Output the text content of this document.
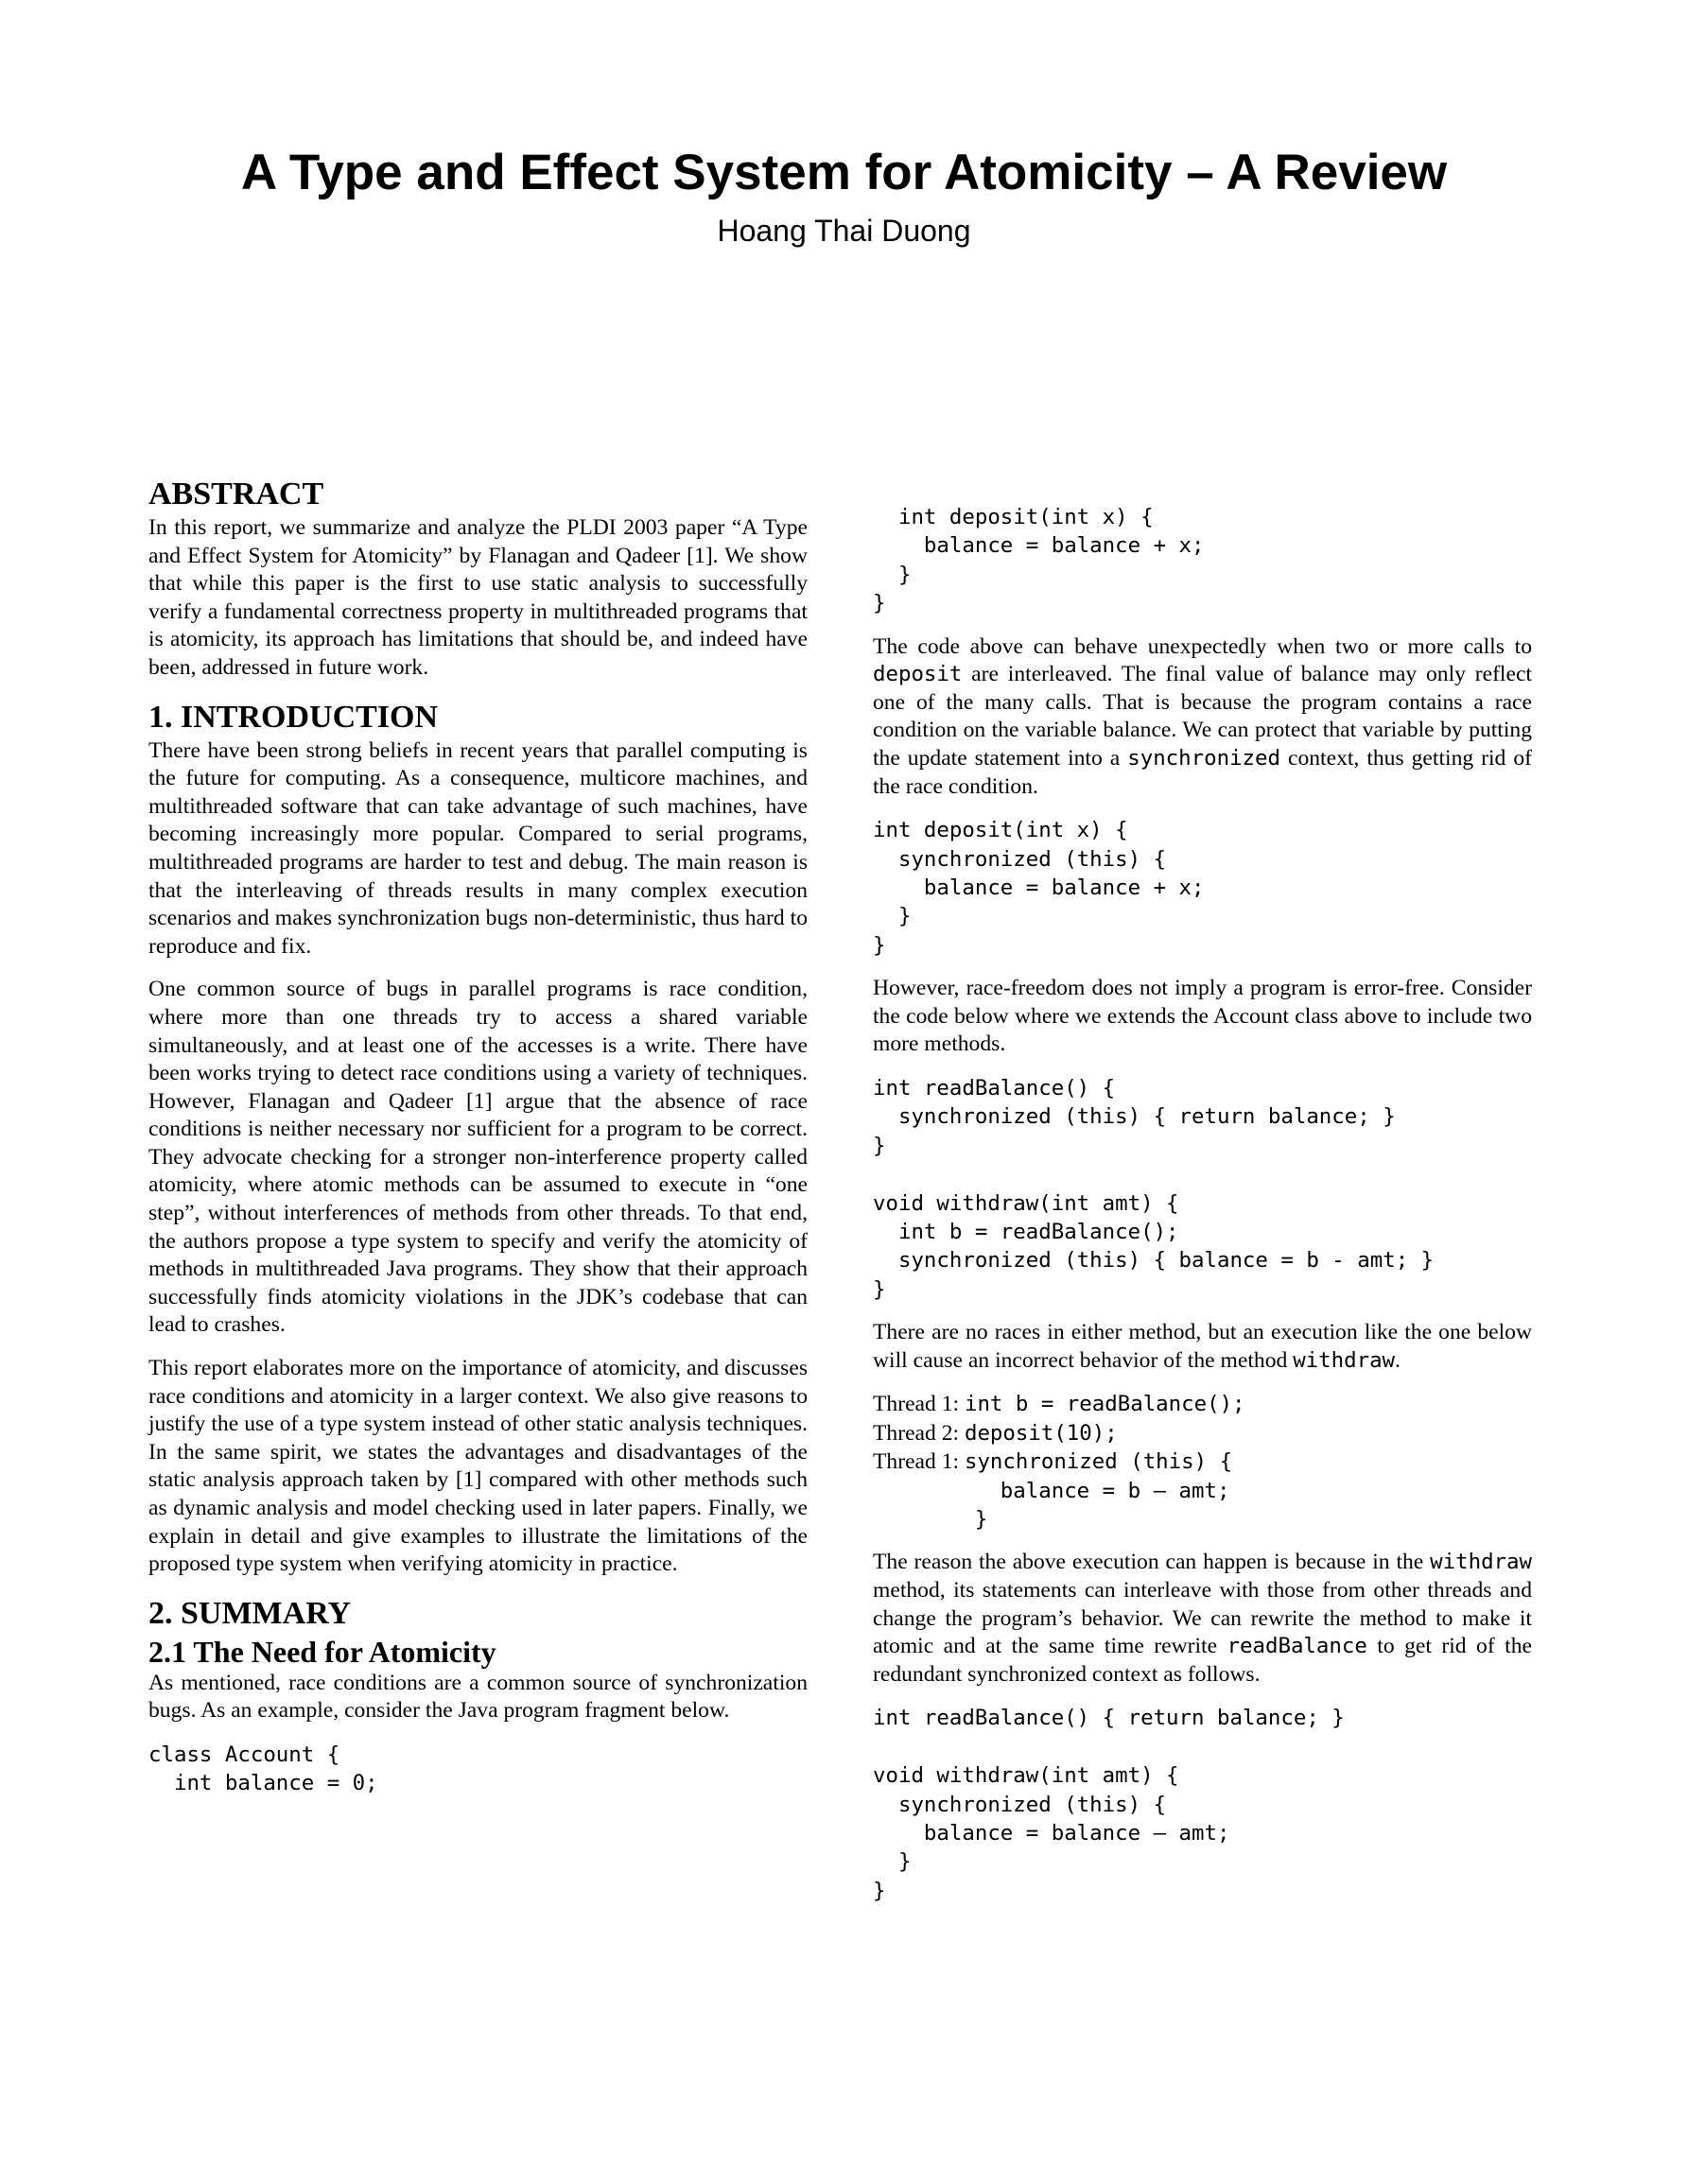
A Type and Effect System for Atomicity – A Review
Hoang Thai Duong
ABSTRACT

In this report, we summarize and analyze the PLDI 2003 paper “A Type and Effect System for Atomicity” by Flanagan and Qadeer [1]. We show that while this paper is the first to use static analysis to successfully verify a fundamental correctness property in multithreaded programs that is atomicity, its approach has limitations that should be, and indeed have been, addressed in future work.

1. INTRODUCTION

There have been strong beliefs in recent years that parallel computing is the future for computing. As a consequence, multicore machines, and multithreaded software that can take advantage of such machines, have becoming increasingly more popular. Compared to serial programs, multithreaded programs are harder to test and debug. The main reason is that the interleaving of threads results in many complex execution scenarios and makes synchronization bugs non-deterministic, thus hard to reproduce and fix.

One common source of bugs in parallel programs is race condition, where more than one threads try to access a shared variable simultaneously, and at least one of the accesses is a write. There have been works trying to detect race conditions using a variety of techniques. However, Flanagan and Qadeer [1] argue that the absence of race conditions is neither necessary nor sufficient for a program to be correct. They advocate checking for a stronger non-interference property called atomicity, where atomic methods can be assumed to execute in “one step”, without interferences of methods from other threads. To that end, the authors propose a type system to specify and verify the atomicity of methods in multithreaded Java programs. They show that their approach successfully finds atomicity violations in the JDK’s codebase that can lead to crashes.

This report elaborates more on the importance of atomicity, and discusses race conditions and atomicity in a larger context. We also give reasons to justify the use of a type system instead of other static analysis techniques. In the same spirit, we states the advantages and disadvantages of the static analysis approach taken by [1] compared with other methods such as dynamic analysis and model checking used in later papers. Finally, we explain in detail and give examples to illustrate the limitations of the proposed type system when verifying atomicity in practice.

2. SUMMARY
2.1 The Need for Atomicity

As mentioned, race conditions are a common source of synchronization bugs. As an example, consider the Java program fragment below.

class Account {
int balance = 0;
int deposit(int x) {
balance = balance + x;
}
}

The code above can behave unexpectedly when two or more calls to deposit are interleaved. The final value of balance may only reflect one of the many calls. That is because the program contains a race condition on the variable balance. We can protect that variable by putting the update statement into a synchronized context, thus getting rid of the race condition.

int deposit(int x) {
synchronized (this) {
balance = balance + x;
}
}

However, race-freedom does not imply a program is error-free. Consider the code below where we extends the Account class above to include two more methods.

int readBalance() {
synchronized (this) { return balance; }
}

void withdraw(int amt) {
int b = readBalance();
synchronized (this) { balance = b - amt; }
}

There are no races in either method, but an execution like the one below will cause an incorrect behavior of the method withdraw.

Thread 1: int b = readBalance();
Thread 2: deposit(10);
Thread 1: synchronized (this) {
balance = b – amt;
}

The reason the above execution can happen is because in the withdraw method, its statements can interleave with those from other threads and change the program’s behavior. We can rewrite the method to make it atomic and at the same time rewrite readBalance to get rid of the redundant synchronized context as follows.

int readBalance() { return balance; }

void withdraw(int amt) {
synchronized (this) {
balance = balance – amt;
}
}
